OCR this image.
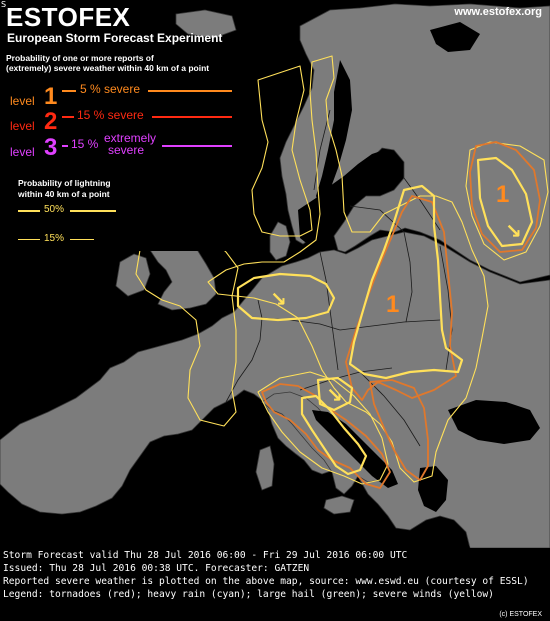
1
1
↘
↘
↘
S ESTOFEX
European Storm Forecast Experiment
www.estofex.org
Probability of one or more reports of
(extremely) severe weather within 40 km of a point
level 1 5 % severe
level 2 15 % severe
level 3 15 % extremely
severe
Probability of lightning
within 40 km of a point
50%
15%
Storm Forecast valid Thu 28 Jul 2016 06:00 - Fri 29 Jul 2016 06:00 UTC
Issued: Thu 28 Jul 2016 00:38 UTC. Forecaster: GATZEN
Reported severe weather is plotted on the above map, source: www.eswd.eu (courtesy of ESSL)
Legend: tornadoes (red); heavy rain (cyan); large hail (green); severe winds (yellow)
(c) ESTOFEX
